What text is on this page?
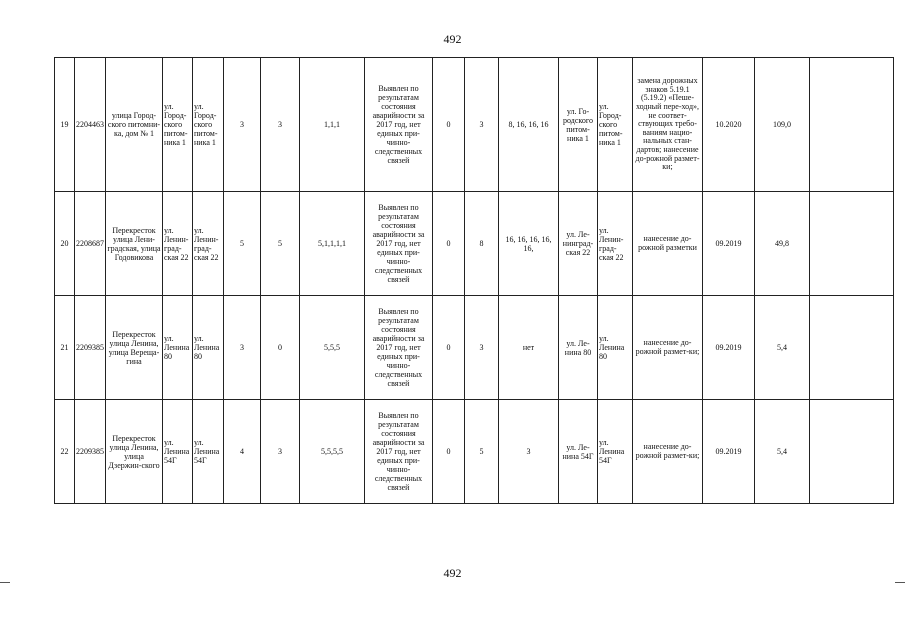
492
19	2204463	улица Город-ского питомни-ка, дом № 1	ул. Город-ского питом-ника 1	ул. Город-ского питом-ника 1	3	3	1,1,1	Выявлен по результатам состояния аварийности за 2017 год, нет единых при-чинно-следственных связей	0	3	8, 16, 16, 16	ул. Го-родского питом-ника 1	ул. Город-ского питом-ника 1	замена дорожных знаков 5.19.1 (5.19.2) «Пеше-ходный пере-ход», не соответ-ствующих требо-ваниям нацио-нальных стан-дартов; нанесение до-рожной размет-ки;	10.2020	109,0	
20	2208687	Перекресток улица Лени-градская, улица Годовикова	ул. Ленин-град-ская 22	ул. Ленин-град-ская 22	5	5	5,1,1,1,1	Выявлен по результатам состояния аварийности за 2017 год, нет единых при-чинно-следственных связей	0	8	16, 16, 16, 16, 16,	ул. Ле-нинград-ская 22	ул. Ленин-град-ская 22	нанесение до-рожной разметки	09.2019	49,8	
21	2209385	Перекресток улица Ленина, улица Вереща-гина	ул. Ленина 80	ул. Ленина 80	3	0	5,5,5	Выявлен по результатам состояния аварийности за 2017 год, нет единых при-чинно-следственных связей	0	3	нет	ул. Ле-нина 80	ул. Ленина 80	нанесение до-рожной размет-ки;	09.2019	5,4	
22	2209385	Перекресток улица Ленина, улица Дзержин-ского	ул. Ленина 54Г	ул. Ленина 54Г	4	3	5,5,5,5	Выявлен по результатам состояния аварийности за 2017 год, нет единых при-чинно-следственных связей	0	5	3	ул. Ле-нина 54Г	ул. Ленина 54Г	нанесение до-рожной размет-ки;	09.2019	5,4	
492
